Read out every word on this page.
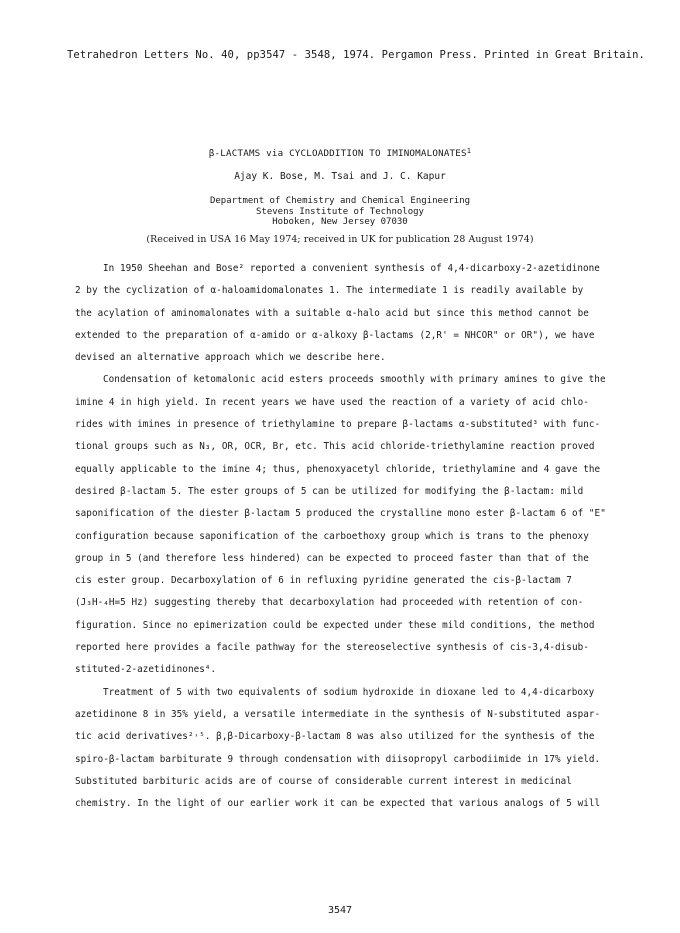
Tetrahedron Letters No. 40, pp3547 - 3548, 1974. Pergamon Press. Printed in Great Britain.
β-LACTAMS via CYCLOADDITION TO IMINOMALONATES$^1$
Ajay K. Bose, M. Tsai and J. C. Kapur
Department of Chemistry and Chemical Engineering
Stevens Institute of Technology
Hoboken, New Jersey 07030
(Received in USA 16 May 1974; received in UK for publication 28 August 1974)
In 1950 Sheehan and Bose² reported a convenient synthesis of 4,4-dicarboxy-2-azetidinone
2 by the cyclization of α-haloamidomalonates 1. The intermediate 1 is readily available by
the acylation of aminomalonates with a suitable α-halo acid but since this method cannot be
extended to the preparation of α-amido or α-alkoxy β-lactams (2,R' = NHCOR" or OR"), we have
devised an alternative approach which we describe here.
Condensation of ketomalonic acid esters proceeds smoothly with primary amines to give the
imine 4 in high yield. In recent years we have used the reaction of a variety of acid chlo-
rides with imines in presence of triethylamine to prepare β-lactams α-substituted³ with func-
tional groups such as N₃, OR, OCR, Br, etc. This acid chloride-triethylamine reaction proved
equally applicable to the imine 4; thus, phenoxyacetyl chloride, triethylamine and 4 gave the
desired β-lactam 5. The ester groups of 5 can be utilized for modifying the β-lactam: mild
saponification of the diester β-lactam 5 produced the crystalline mono ester β-lactam 6 of "E"
configuration because saponification of the carboethoxy group which is trans to the phenoxy
group in 5 (and therefore less hindered) can be expected to proceed faster than that of the
cis ester group. Decarboxylation of 6 in refluxing pyridine generated the cis-β-lactam 7
(J₃H-₄H=5 Hz) suggesting thereby that decarboxylation had proceeded with retention of con-
figuration. Since no epimerization could be expected under these mild conditions, the method
reported here provides a facile pathway for the stereoselective synthesis of cis-3,4-disub-
stituted-2-azetidinones⁴.
Treatment of 5 with two equivalents of sodium hydroxide in dioxane led to 4,4-dicarboxy
azetidinone 8 in 35% yield, a versatile intermediate in the synthesis of N-substituted aspar-
tic acid derivatives²˒⁵. β,β-Dicarboxy-β-lactam 8 was also utilized for the synthesis of the
spiro-β-lactam barbiturate 9 through condensation with diisopropyl carbodiimide in 17% yield.
Substituted barbituric acids are of course of considerable current interest in medicinal
chemistry. In the light of our earlier work it can be expected that various analogs of 5 will
3547
